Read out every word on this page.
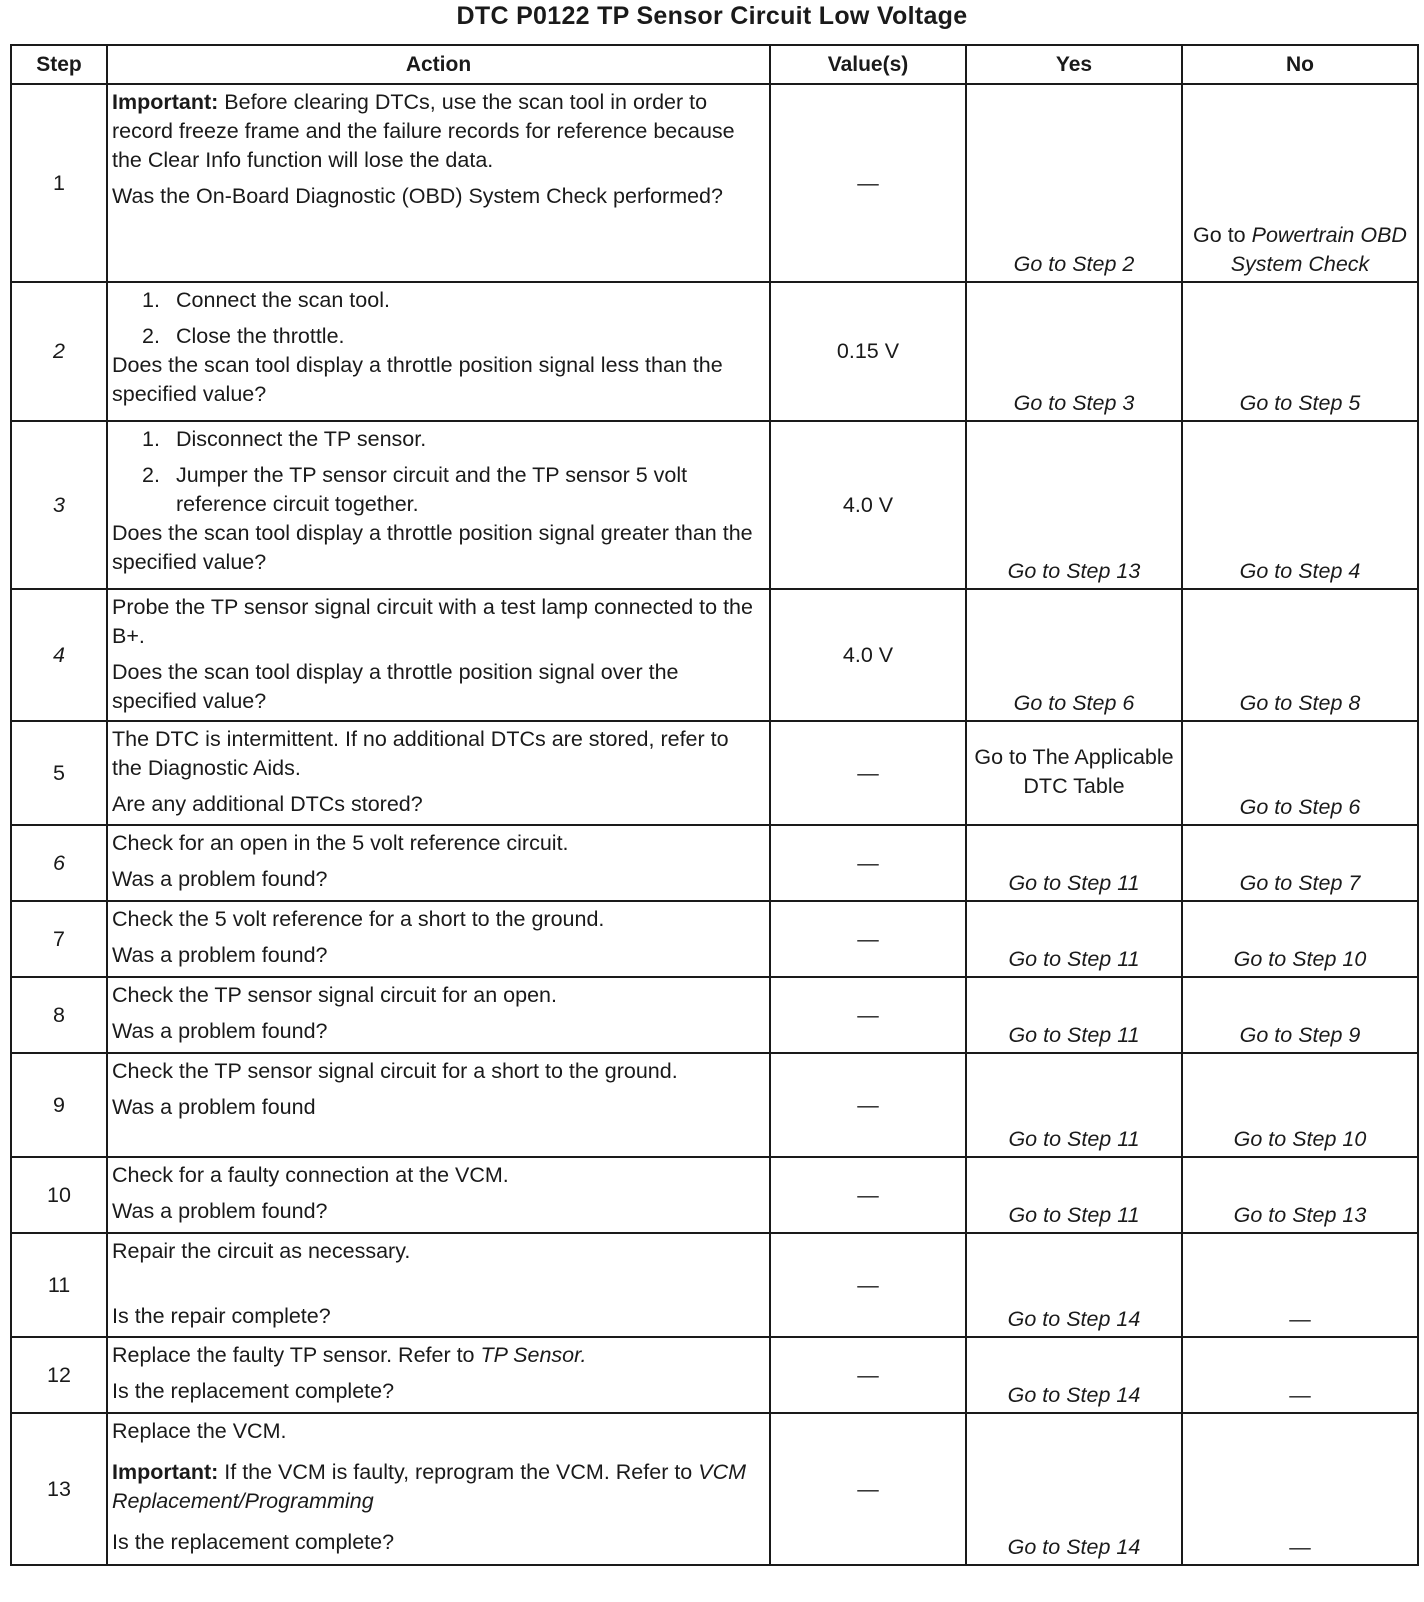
DTC P0122 TP Sensor Circuit Low Voltage
Step	Action	Value(s)	Yes	No
1	Important: Before clearing DTCs, use the scan tool in order to record freeze frame and the failure records for reference because the Clear Info function will lose the data.

Was the On-Board Diagnostic (OBD) System Check performed?	—	Go to Step 2	Go to Powertrain OBD System Check
2	1. Connect the scan tool.
2. Close the throttle.

Does the scan tool display a throttle position signal less than the specified value?	0.15 V	Go to Step 3	Go to Step 5
3	1. Disconnect the TP sensor.
2. Jumper the TP sensor circuit and the TP sensor 5 volt reference circuit together.

Does the scan tool display a throttle position signal greater than the specified value?	4.0 V	Go to Step 13	Go to Step 4
4	Probe the TP sensor signal circuit with a test lamp connected to the B+.

Does the scan tool display a throttle position signal over the specified value?	4.0 V	Go to Step 6	Go to Step 8
5	The DTC is intermittent. If no additional DTCs are stored, refer to the Diagnostic Aids.

Are any additional DTCs stored?	—	Go to The Applicable DTC Table	Go to Step 6
6	Check for an open in the 5 volt reference circuit.

Was a problem found?	—	Go to Step 11	Go to Step 7
7	Check the 5 volt reference for a short to the ground.

Was a problem found?	—	Go to Step 11	Go to Step 10
8	Check the TP sensor signal circuit for an open.

Was a problem found?	—	Go to Step 11	Go to Step 9
9	Check the TP sensor signal circuit for a short to the ground.

Was a problem found	—	Go to Step 11	Go to Step 10
10	Check for a faulty connection at the VCM.

Was a problem found?	—	Go to Step 11	Go to Step 13
11	Repair the circuit as necessary.

Is the repair complete?	—	Go to Step 14	—
12	Replace the faulty TP sensor. Refer to TP Sensor.

Is the replacement complete?	—	Go to Step 14	—
13	Replace the VCM.

Important: If the VCM is faulty, reprogram the VCM. Refer to VCM Replacement/Programming

Is the replacement complete?	—	Go to Step 14	—
